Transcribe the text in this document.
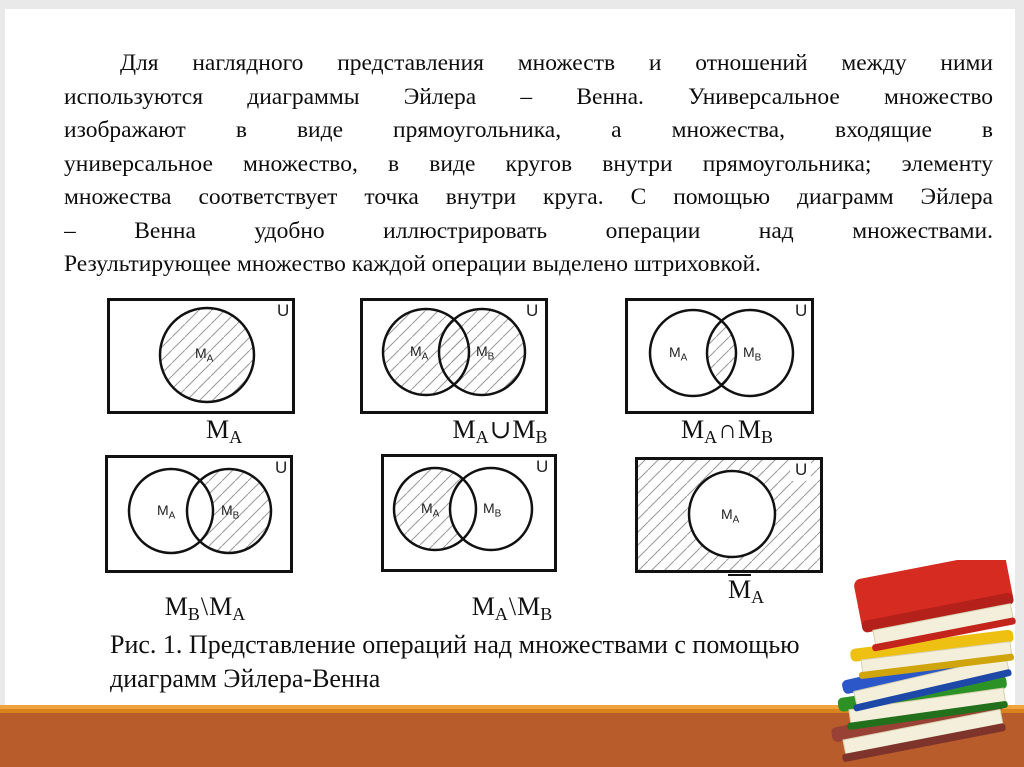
Для наглядного представления множеств и отношений между ними
используются диаграммы Эйлера – Венна. Универсальное множество
изображают в виде прямоугольника, а множества, входящие в
универсальное множество, в виде кругов внутри прямоугольника; элементу
множества соответствует точка внутри круга. С помощью диаграмм Эйлера
– Венна удобно иллюстрировать операции над множествами.
Результирующее множество каждой операции выделено штриховкой.
U
$M_A$
U
$M_A$	$M_B$
U
$M_A$	$M_B$
$M_A$	$M_A\cup M_B$	$M_A\cap M_B$
U
$M_A$	$M_B$
U
$M_A$	$M_B$
U
$M_A$
$M_B\backslash M_A$	$M_A\backslash M_B$
$M_A$
Рис. 1. Представление операций над множествами с помощью
диаграмм Эйлера-Венна
